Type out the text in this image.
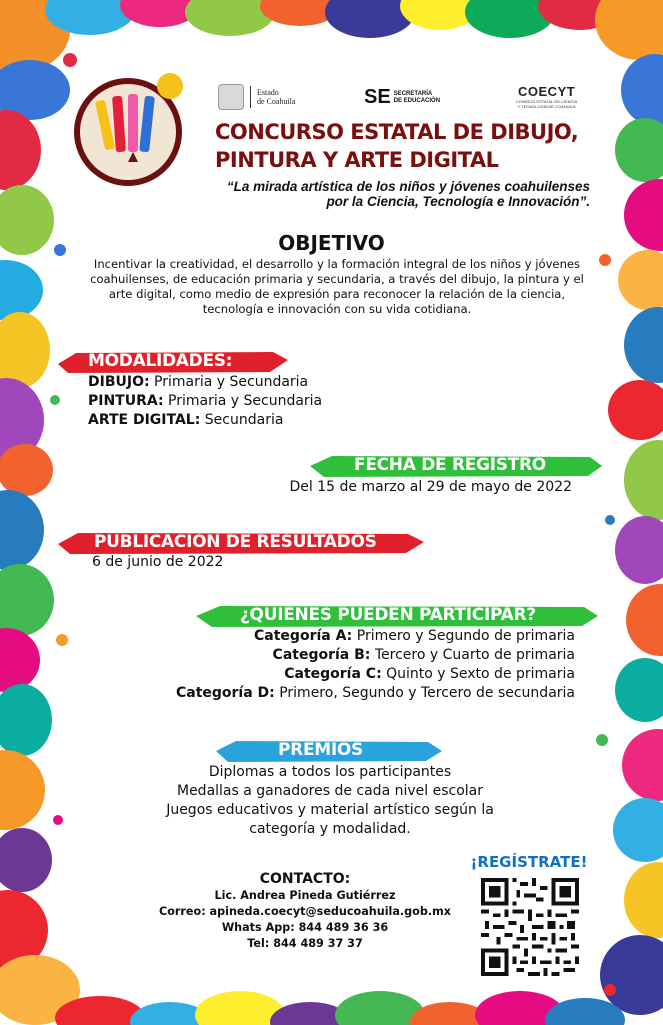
Estado
de Coahuila	SE SECRETARÍA
DE EDUCACIÓN
COECYT
CONSEJO ESTATAL DE CIENCIA
Y TECNOLOGÍA DE COAHUILA
CONCURSO ESTATAL DE DIBUJO,
PINTURA Y ARTE DIGITAL
“La mirada artística de los niños y jóvenes coahuilenses
por la Ciencia, Tecnología e Innovación”.
OBJETIVO
Incentivar la creatividad, el desarrollo y la formación integral de los niños y jóvenes coahuilenses, de educación primaria y secundaria, a través del dibujo, la pintura y el arte digital, como medio de expresión para reconocer la relación de la ciencia, tecnología e innovación con su vida cotidiana.
MODALIDADES:
DIBUJO: Primaria y Secundaria
PINTURA: Primaria y Secundaria
ARTE DIGITAL: Secundaria
FECHA DE REGISTRO
Del 15 de marzo al 29 de mayo de 2022
PUBLICACIÓN DE RESULTADOS
6 de junio de 2022
¿QUIÉNES PUEDEN PARTICIPAR?
Categoría A: Primero y Segundo de primaria
Categoría B: Tercero y Cuarto de primaria
Categoría C: Quinto y Sexto de primaria
Categoría D: Primero, Segundo y Tercero de secundaria
PREMIOS
Diplomas a todos los participantes
Medallas a ganadores de cada nivel escolar
Juegos educativos y material artístico según la
categoría y modalidad.
CONTACTO:
Lic. Andrea Pineda Gutiérrez
Correo: apineda.coecyt@seducoahuila.gob.mx
Whats App: 844 489 36 36
Tel: 844 489 37 37
¡REGÍSTRATE!
